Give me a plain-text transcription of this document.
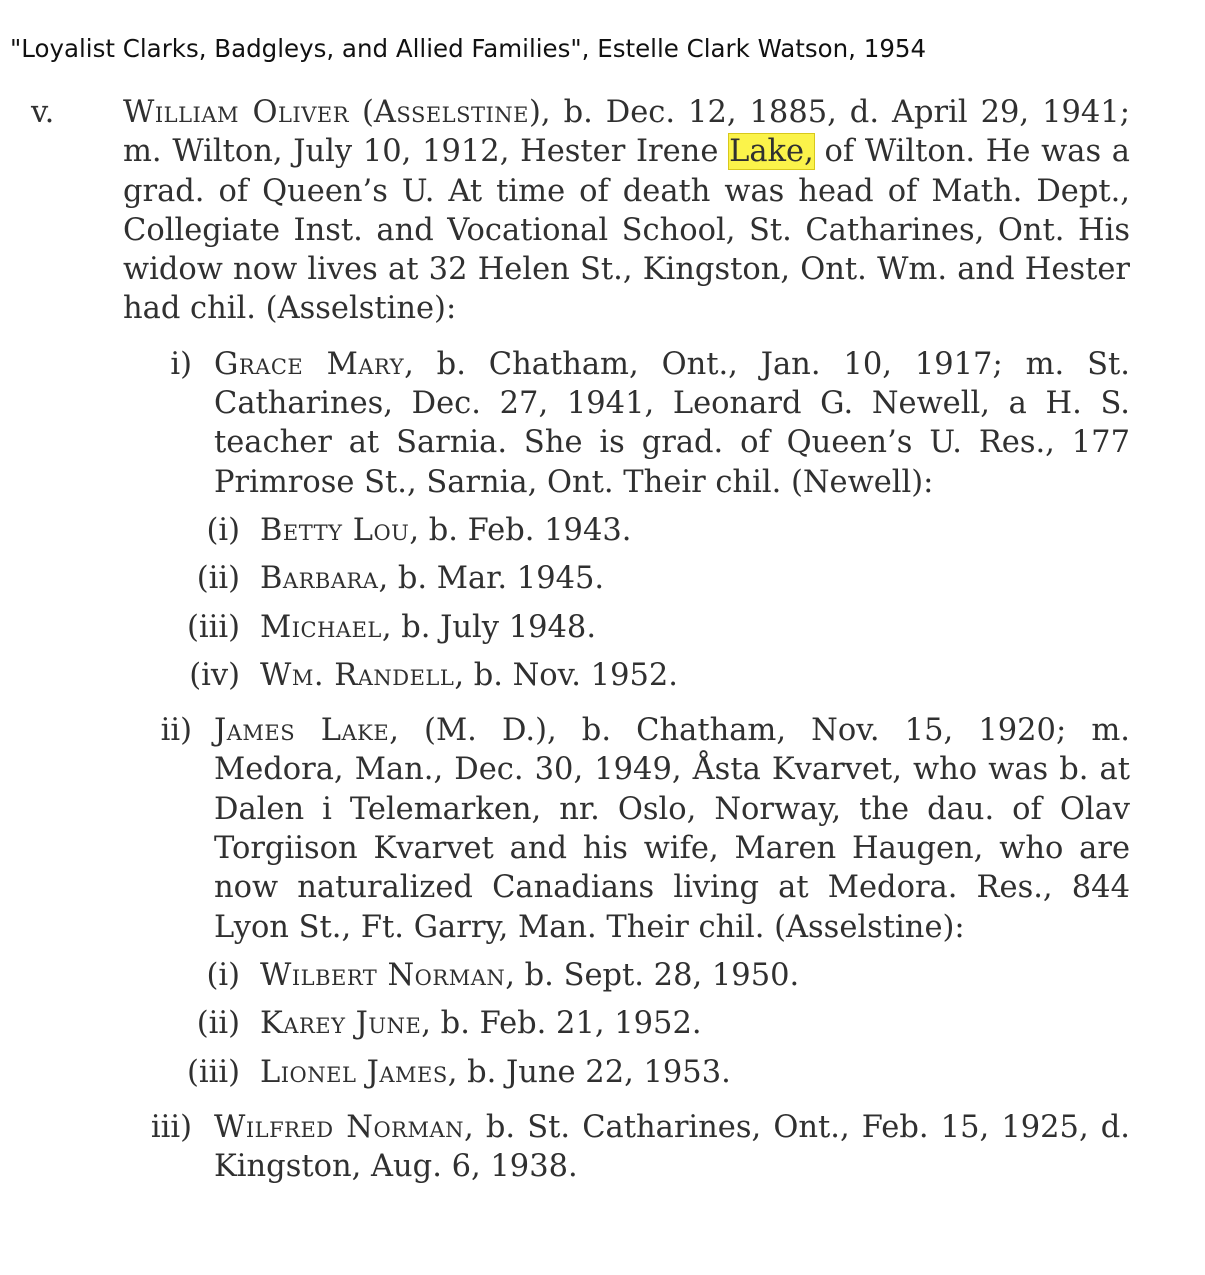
"Loyalist Clarks, Badgleys, and Allied Families", Estelle Clark Watson, 1954

v.	William Oliver (Asselstine), b. Dec. 12, 1885, d. April 29, 1941; m. Wilton, July 10, 1912, Hester Irene Lake, of Wilton. He was a grad. of Queen’s U. At time of death was head of Math. Dept., Collegiate Inst. and Vocational School, St. Catharines, Ont. His widow now lives at 32 Helen St., Kingston, Ont. Wm. and Hester had chil. (Asselstine):

i) Grace Mary, b. Chatham, Ont., Jan. 10, 1917; m. St. Catharines, Dec. 27, 1941, Leonard G. Newell, a H. S. teacher at Sarnia. She is grad. of Queen’s U. Res., 177 Primrose St., Sarnia, Ont. Their chil. (Newell):

(i) Betty Lou, b. Feb. 1943.

(ii) Barbara, b. Mar. 1945.

(iii) Michael, b. July 1948.

(iv) Wm. Randell, b. Nov. 1952.

ii) James Lake, (M. D.), b. Chatham, Nov. 15, 1920; m. Medora, Man., Dec. 30, 1949, Åsta Kvarvet, who was b. at Dalen i Telemarken, nr. Oslo, Norway, the dau. of Olav Torgiison Kvarvet and his wife, Maren Haugen, who are now naturalized Canadians living at Medora. Res., 844 Lyon St., Ft. Garry, Man. Their chil. (Asselstine):

(i) Wilbert Norman, b. Sept. 28, 1950.

(ii) Karey June, b. Feb. 21, 1952.

(iii) Lionel James, b. June 22, 1953.

iii) Wilfred Norman, b. St. Catharines, Ont., Feb. 15, 1925, d. Kingston, Aug. 6, 1938.
